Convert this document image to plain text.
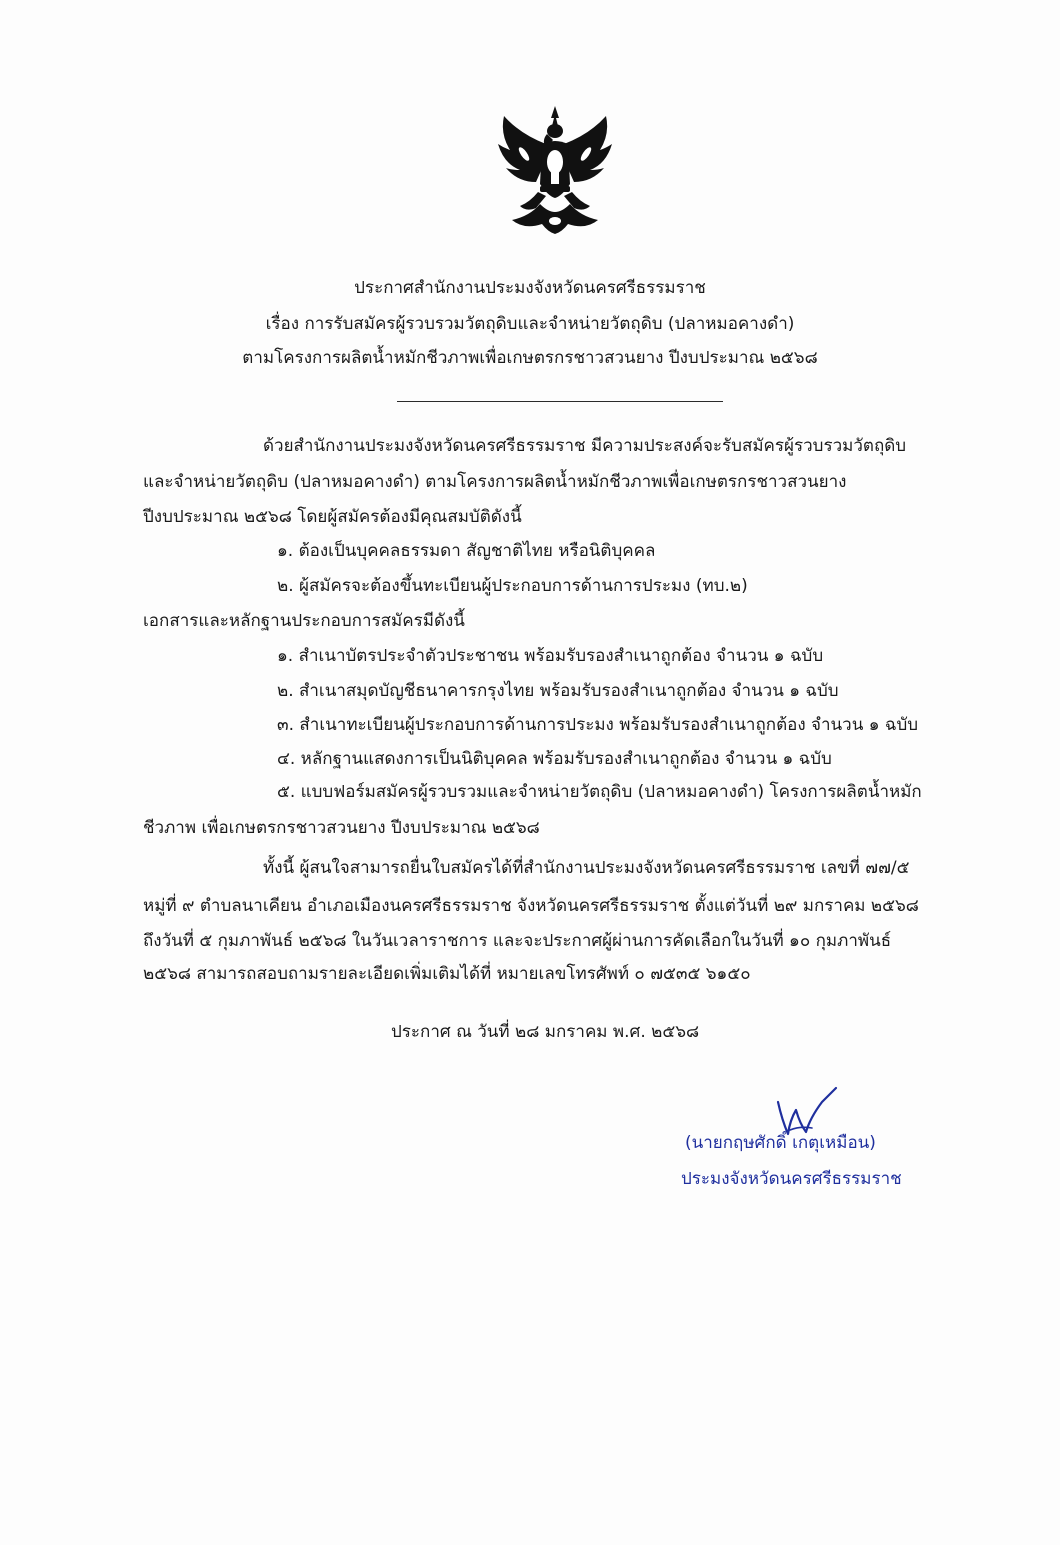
ประกาศสำนักงานประมงจังหวัดนครศรีธรรมราช
เรื่อง การรับสมัครผู้รวบรวมวัตถุดิบและจำหน่ายวัตถุดิบ (ปลาหมอคางดำ)
ตามโครงการผลิตน้ำหมักชีวภาพเพื่อเกษตรกรชาวสวนยาง ปีงบประมาณ ๒๕๖๘
ด้วยสำนักงานประมงจังหวัดนครศรีธรรมราช มีความประสงค์จะรับสมัครผู้รวบรวมวัตถุดิบ
และจำหน่ายวัตถุดิบ (ปลาหมอคางดำ) ตามโครงการผลิตน้ำหมักชีวภาพเพื่อเกษตรกรชาวสวนยาง
ปีงบประมาณ ๒๕๖๘ โดยผู้สมัครต้องมีคุณสมบัติดังนี้
๑. ต้องเป็นบุคคลธรรมดา สัญชาติไทย หรือนิติบุคคล
๒. ผู้สมัครจะต้องขึ้นทะเบียนผู้ประกอบการด้านการประมง (ทบ.๒)
เอกสารและหลักฐานประกอบการสมัครมีดังนี้
๑. สำเนาบัตรประจำตัวประชาชน พร้อมรับรองสำเนาถูกต้อง จำนวน ๑ ฉบับ
๒. สำเนาสมุดบัญชีธนาคารกรุงไทย พร้อมรับรองสำเนาถูกต้อง จำนวน ๑ ฉบับ
๓. สำเนาทะเบียนผู้ประกอบการด้านการประมง พร้อมรับรองสำเนาถูกต้อง จำนวน ๑ ฉบับ
๔. หลักฐานแสดงการเป็นนิติบุคคล พร้อมรับรองสำเนาถูกต้อง จำนวน ๑ ฉบับ
๕. แบบฟอร์มสมัครผู้รวบรวมและจำหน่ายวัตถุดิบ (ปลาหมอคางดำ) โครงการผลิตน้ำหมัก
ชีวภาพ เพื่อเกษตรกรชาวสวนยาง ปีงบประมาณ ๒๕๖๘
ทั้งนี้ ผู้สนใจสามารถยื่นใบสมัครได้ที่สำนักงานประมงจังหวัดนครศรีธรรมราช เลขที่ ๗๗/๕
หมู่ที่ ๙ ตำบลนาเคียน อำเภอเมืองนครศรีธรรมราช จังหวัดนครศรีธรรมราช ตั้งแต่วันที่ ๒๙ มกราคม ๒๕๖๘
ถึงวันที่ ๕ กุมภาพันธ์ ๒๕๖๘ ในวันเวลาราชการ และจะประกาศผู้ผ่านการคัดเลือกในวันที่ ๑๐ กุมภาพันธ์
๒๕๖๘ สามารถสอบถามรายละเอียดเพิ่มเติมได้ที่ หมายเลขโทรศัพท์ ๐ ๗๕๓๕ ๖๑๕๐
ประกาศ ณ วันที่ ๒๘ มกราคม พ.ศ. ๒๕๖๘
(นายกฤษศักดิ์ เกตุเหมือน)
ประมงจังหวัดนครศรีธรรมราช
